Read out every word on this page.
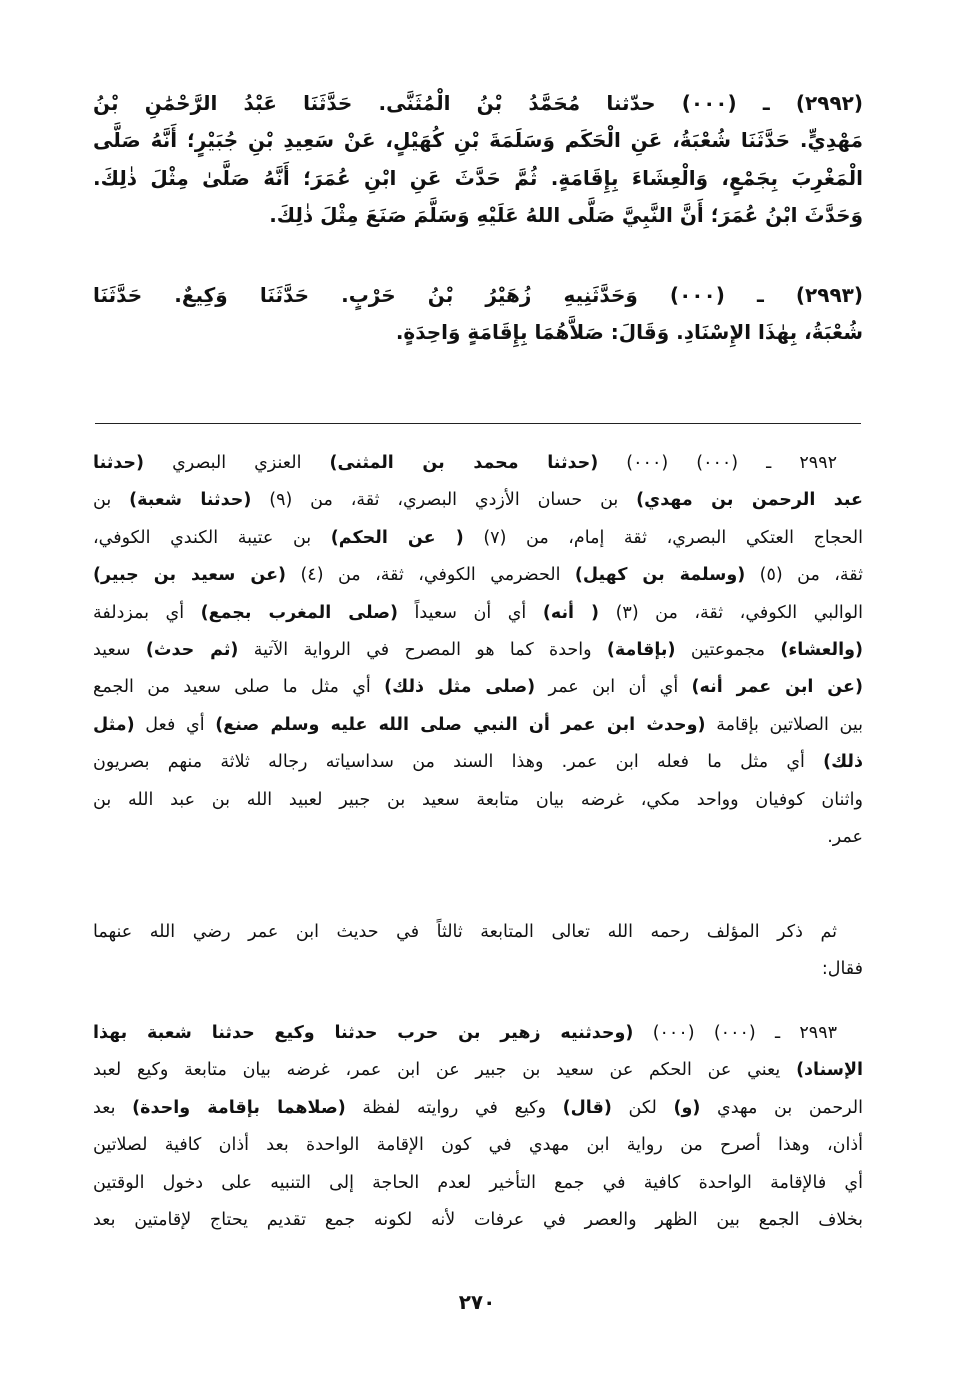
(٢٩٩٢) ـ (٠٠٠) حدّثنا مُحَمَّدُ بْنُ الْمُثَنَّى. حَدَّثَنَا عَبْدُ الرَّحْمَٰنِ بْنُ
مَهْدِيٍّ. حَدَّثَنَا شُعْبَةُ، عَنِ الْحَكَم وَسَلَمَةَ بْنِ كُهَيْلٍ، عَنْ سَعِيدِ بْنِ جُبَيْرٍ؛ أَنَّهُ صَلَّى
الْمَغْرِبَ بِجَمْعٍ، وَالْعِشَاءَ بِإِقَامَةٍ. ثُمَّ حَدَّثَ عَنِ ابْنِ عُمَرَ؛ أَنَّهُ صَلَّىٰ مِثْلَ ذٰلِكَ.
وَحَدَّثَ ابْنُ عُمَرَ؛ أَنَّ النَّبِيَّ صَلَّى اللهُ عَلَيْهِ وَسَلَّمَ صَنَعَ مِثْلَ ذٰلِكَ.
(٢٩٩٣) ـ (٠٠٠) وَحَدَّثَنِيهِ زُهَيْرُ بْنُ حَرْبٍ. حَدَّثَنَا وَكِيعٌ. حَدَّثَنَا
شُعْبَةُ، بِهٰذَا الإِسْنَادِ. وَقَالَ: صَلاَّهُمَا بِإِقَامَةٍ وَاحِدَةٍ.
٢٩٩٢ ـ (٠٠٠) (٠٠٠) (حدثنا محمد بن المثنى) العنزي البصري (حدثنا
عبد الرحمن بن مهدي) بن حسان الأزدي البصري، ثقة، من (٩) (حدثنا شعبة) بن
الحجاج العتكي البصري، ثقة إمام، من (٧) ( عن الحكم) بن عتيبة الكندي الكوفي،
ثقة، من (٥) (وسلمة بن كهيل) الحضرمي الكوفي، ثقة، من (٤) (عن سعيد بن جبير)
الوالبي الكوفي، ثقة، من (٣) ( أنه) أي أن سعيداً (صلى المغرب بجمع) أي بمزدلفة
(والعشاء) مجموعتين (بإقامة) واحدة كما هو المصرح في الرواية الآتية (ثم حدث) سعيد
(عن ابن عمر أنه) أي أن ابن عمر (صلى مثل ذلك) أي مثل ما صلى سعيد من الجمع
بين الصلاتين بإقامة (وحدث ابن عمر أن النبي صلى الله عليه وسلم صنع) أي فعل (مثل
ذلك) أي مثل ما فعله ابن عمر. وهذا السند من سداسياته رجاله ثلاثة منهم بصريون
واثنان كوفيان وواحد مكي، غرضه بيان متابعة سعيد بن جبير لعبيد الله بن عبد الله بن
عمر.
ثم ذكر المؤلف رحمه الله تعالى المتابعة ثالثاً في حديث ابن عمر رضي الله عنهما
فقال:
٢٩٩٣ ـ (٠٠٠) (٠٠٠) (وحدثنيه زهير بن حرب حدثنا وكيع حدثنا شعبة بهذا
الإسناد) يعني عن الحكم عن سعيد بن جبير عن ابن عمر، غرضه بيان متابعة وكيع لعبد
الرحمن بن مهدي (و) لكن (قال) وكيع في روايته لفظة (صلاهما بإقامة واحدة) بعد
أذان، وهذا أصرح من رواية ابن مهدي في كون الإقامة الواحدة بعد أذان كافية لصلاتين
أي فالإقامة الواحدة كافية في جمع التأخير لعدم الحاجة إلى التنبيه على دخول الوقتين
بخلاف الجمع بين الظهر والعصر في عرفات لأنه لكونه جمع تقديم يحتاج لإقامتين بعد
٢٧٠
